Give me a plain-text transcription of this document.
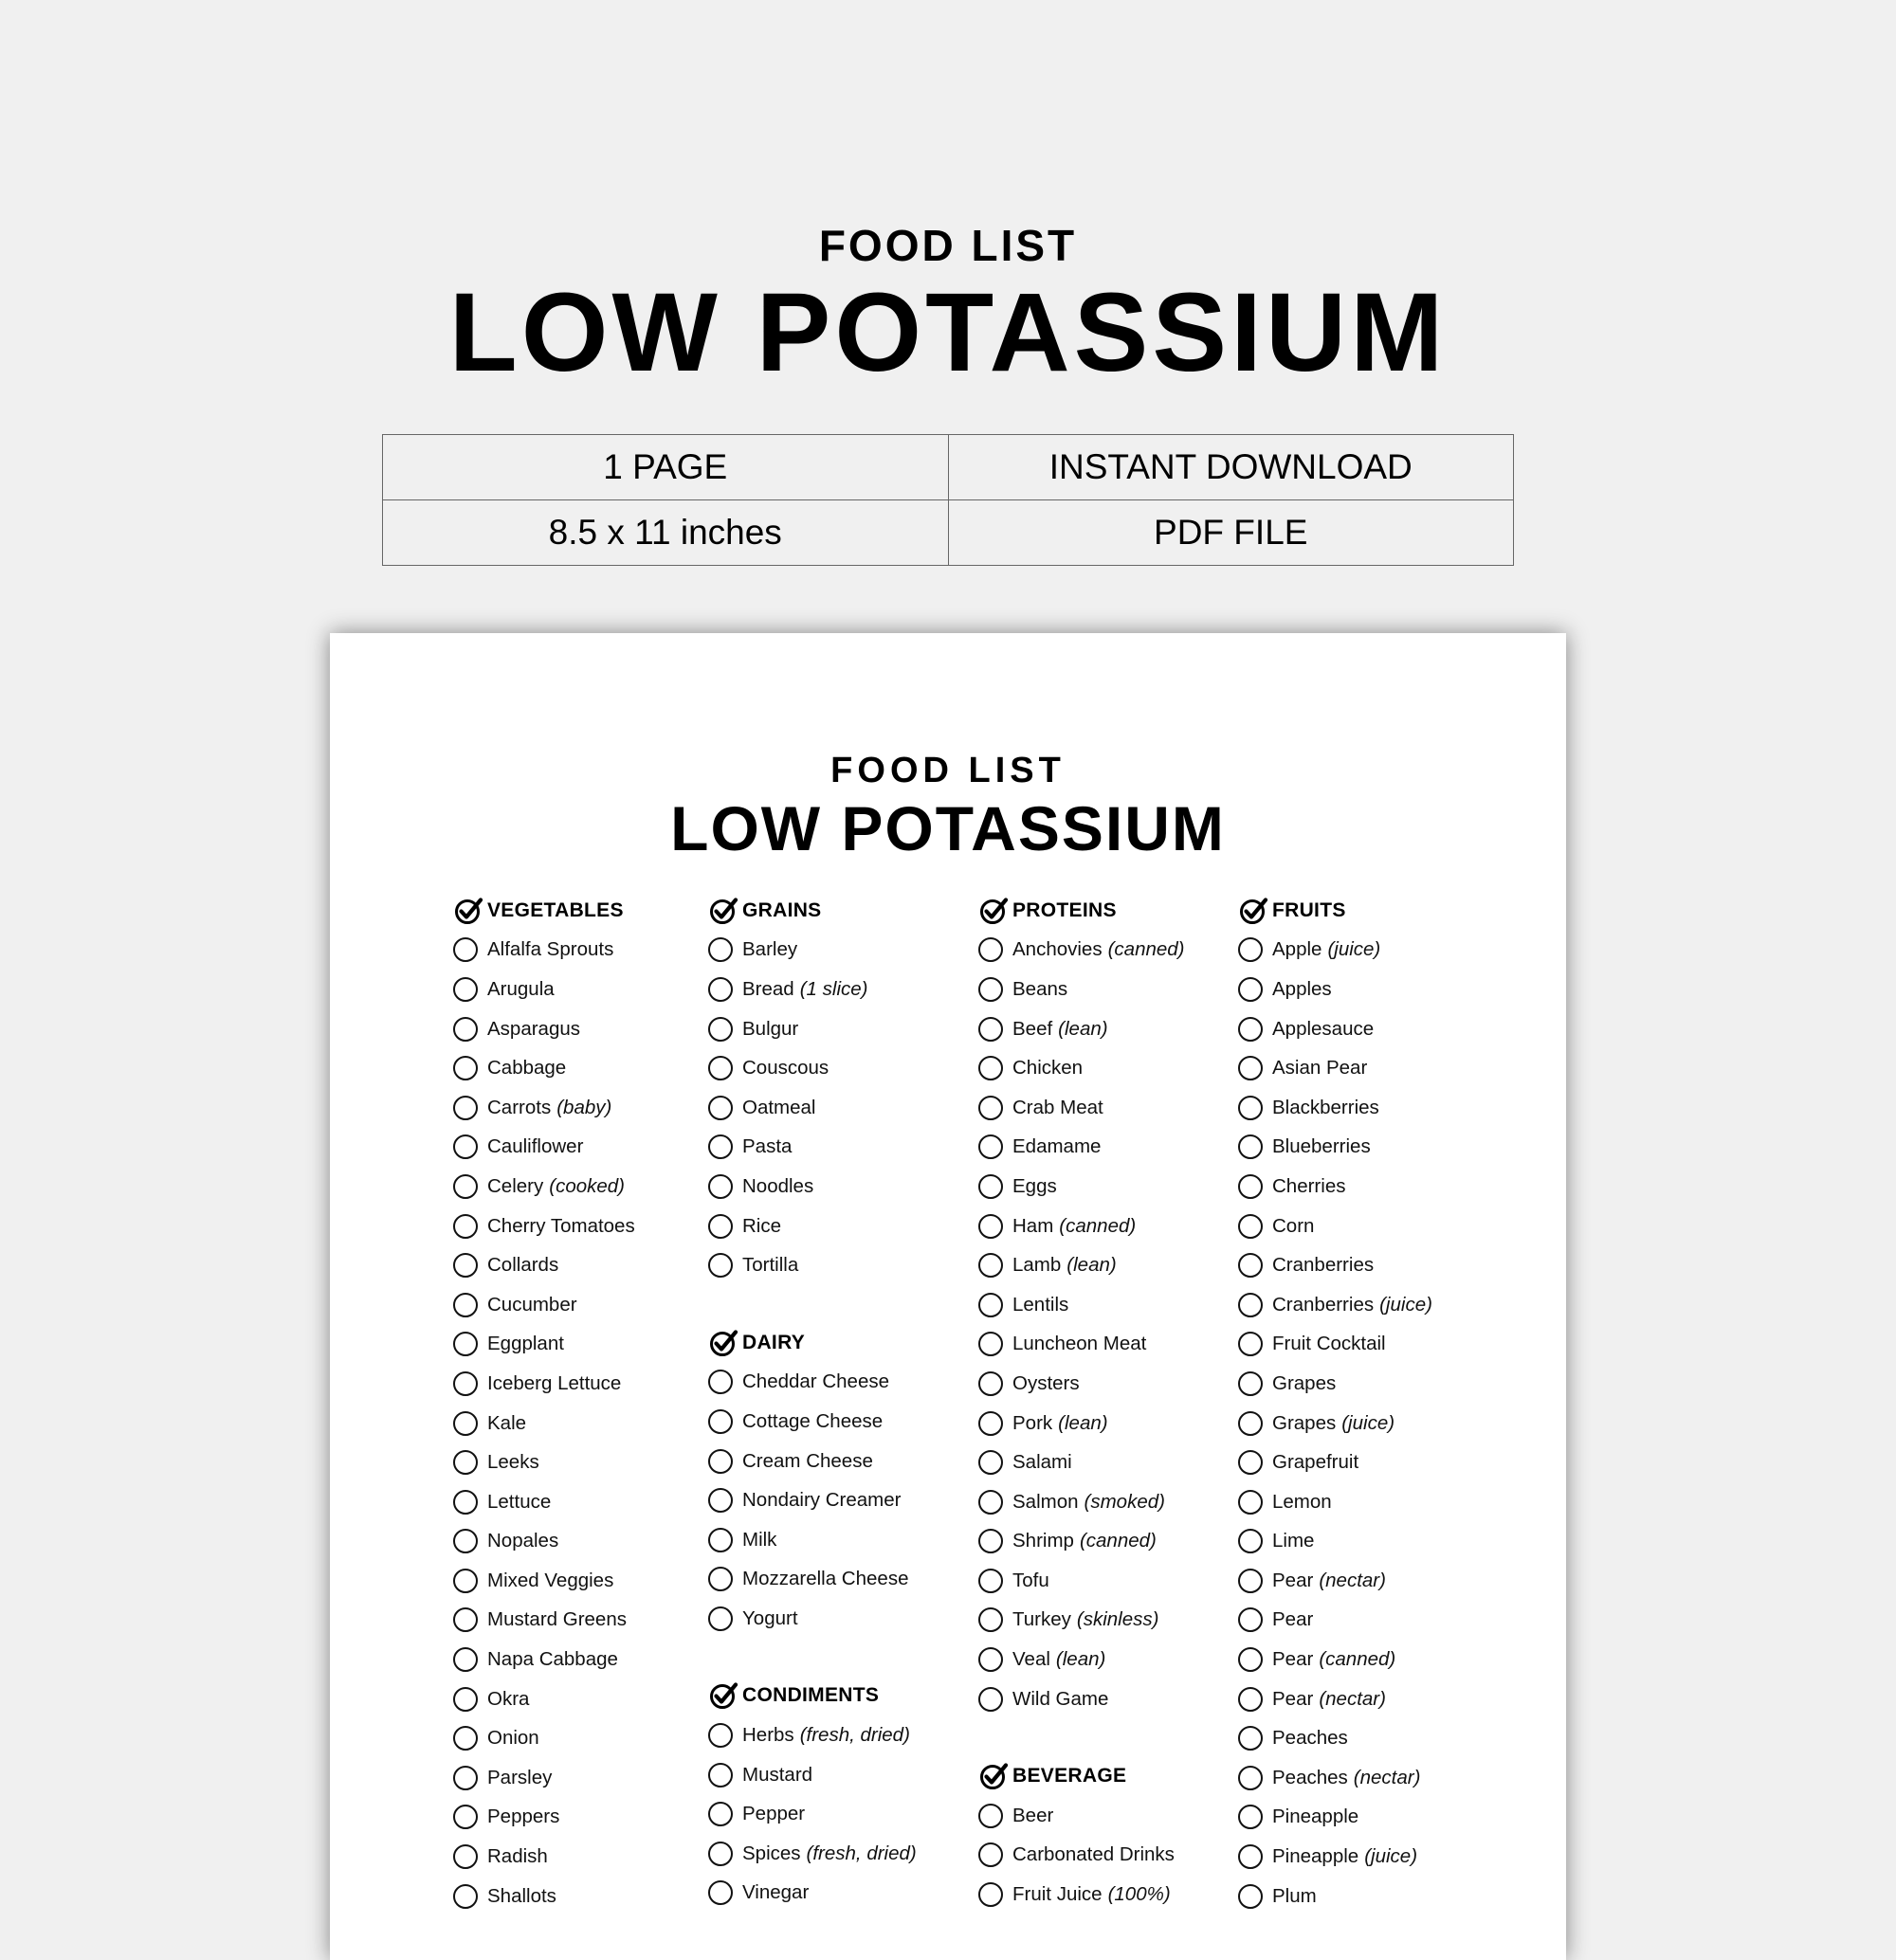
FOOD LIST
LOW POTASSIUM
1 PAGE	INSTANT DOWNLOAD
8.5 x 11 inches	PDF FILE
FOOD LIST
LOW POTASSIUM
VEGETABLES
Alfalfa Sprouts
Arugula
Asparagus
Cabbage
Carrots (baby)
Cauliflower
Celery (cooked)
Cherry Tomatoes
Collards
Cucumber
Eggplant
Iceberg Lettuce
Kale
Leeks
Lettuce
Nopales
Mixed Veggies
Mustard Greens
Napa Cabbage
Okra
Onion
Parsley
Peppers
Radish
Shallots
GRAINS
Barley
Bread (1 slice)
Bulgur
Couscous
Oatmeal
Pasta
Noodles
Rice
Tortilla
DAIRY
Cheddar Cheese
Cottage Cheese
Cream Cheese
Nondairy Creamer
Milk
Mozzarella Cheese
Yogurt
CONDIMENTS
Herbs (fresh, dried)
Mustard
Pepper
Spices (fresh, dried)
Vinegar
PROTEINS
Anchovies (canned)
Beans
Beef (lean)
Chicken
Crab Meat
Edamame
Eggs
Ham (canned)
Lamb (lean)
Lentils
Luncheon Meat
Oysters
Pork (lean)
Salami
Salmon (smoked)
Shrimp (canned)
Tofu
Turkey (skinless)
Veal (lean)
Wild Game
BEVERAGE
Beer
Carbonated Drinks
Fruit Juice (100%)
FRUITS
Apple (juice)
Apples
Applesauce
Asian Pear
Blackberries
Blueberries
Cherries
Corn
Cranberries
Cranberries (juice)
Fruit Cocktail
Grapes
Grapes (juice)
Grapefruit
Lemon
Lime
Pear (nectar)
Pear
Pear (canned)
Pear (nectar)
Peaches
Peaches (nectar)
Pineapple
Pineapple (juice)
Plum
